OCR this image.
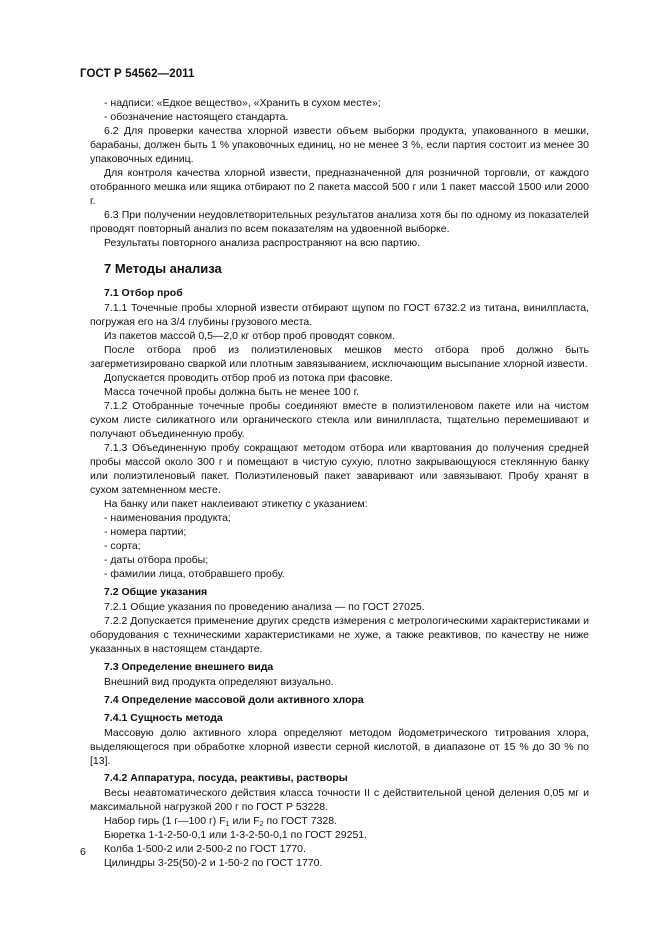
ГОСТ Р 54562—2011

- надписи: «Едкое вещество», «Хранить в сухом месте»;

- обозначение настоящего стандарта.

6.2 Для проверки качества хлорной извести объем выборки продукта, упакованного в мешки, барабаны, должен быть 1 % упаковочных единиц, но не менее 3 %, если партия состоит из менее 30 упаковочных единиц.

Для контроля качества хлорной извести, предназначенной для розничной торговли, от каждого отобранного мешка или ящика отбирают по 2 пакета массой 500 г или 1 пакет массой 1500 или 2000 г.

6.3 При получении неудовлетворительных результатов анализа хотя бы по одному из показателей проводят повторный анализ по всем показателям на удвоенной выборке.

Результаты повторного анализа распространяют на всю партию.

7 Методы анализа

7.1 Отбор проб

7.1.1 Точечные пробы хлорной извести отбирают щупом по ГОСТ 6732.2 из титана, винилпласта, погружая его на 3/4 глубины грузового места.

Из пакетов массой 0,5—2,0 кг отбор проб проводят совком.

После отбора проб из полиэтиленовых мешков место отбора проб должно быть загерметизировано сваркой или плотным завязыванием, исключающим высыпание хлорной извести.

Допускается проводить отбор проб из потока при фасовке.

Масса точечной пробы должна быть не менее 100 г.

7.1.2 Отобранные точечные пробы соединяют вместе в полиэтиленовом пакете или на чистом сухом листе силикатного или органического стекла или винилпласта, тщательно перемешивают и получают объединенную пробу.

7.1.3 Объединенную пробу сокращают методом отбора или квартования до получения средней пробы массой около 300 г и помещают в чистую сухую, плотно закрывающуюся стеклянную банку или полиэтиленовый пакет. Полиэтиленовый пакет заваривают или завязывают. Пробу хранят в сухом затемненном месте.

На банку или пакет наклеивают этикетку с указанием:

- наименования продукта;

- номера партии;

- сорта;

- даты отбора пробы;

- фамилии лица, отобравшего пробу.

7.2 Общие указания

7.2.1 Общие указания по проведению анализа — по ГОСТ 27025.

7.2.2 Допускается применение других средств измерения с метрологическими характеристиками и оборудования с техническими характеристиками не хуже, а также реактивов, по качеству не ниже указанных в настоящем стандарте.

7.3 Определение внешнего вида

Внешний вид продукта определяют визуально.

7.4 Определение массовой доли активного хлора

7.4.1 Сущность метода

Массовую долю активного хлора определяют методом йодометрического титрования хлора, выделяющегося при обработке хлорной извести серной кислотой, в диапазоне от 15 % до 30 % по [13].

7.4.2 Аппаратура, посуда, реактивы, растворы

Весы неавтоматического действия класса точности II с действительной ценой деления 0,05 мг и максимальной нагрузкой 200 г по ГОСТ Р 53228.

Набор гирь (1 г—100 г) $F_1$ или $F_2$ по ГОСТ 7328.

Бюретка 1-1-2-50-0,1 или 1-3-2-50-0,1 по ГОСТ 29251.

Колба 1-500-2 или 2-500-2 по ГОСТ 1770.

Цилиндры 3-25(50)-2 и 1-50-2 по ГОСТ 1770.

6
